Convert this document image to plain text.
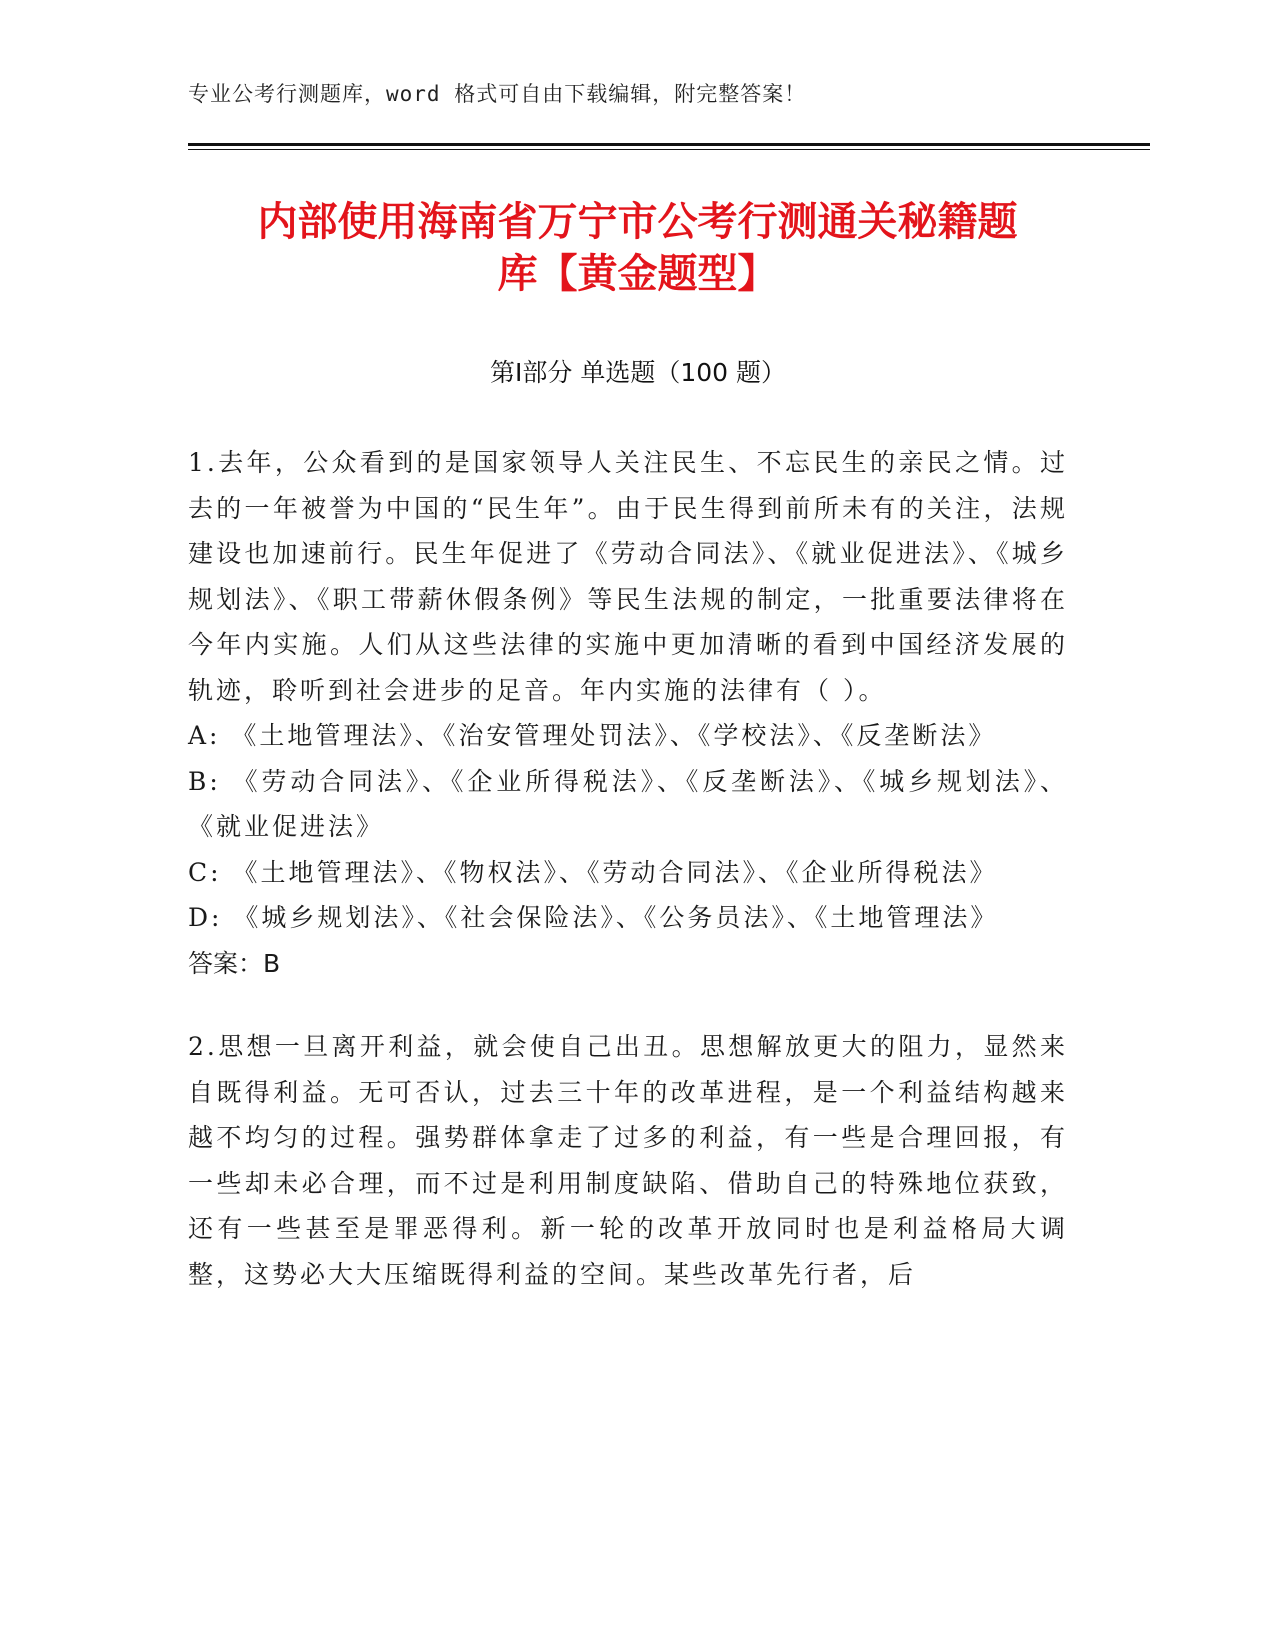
专业公考行测题库，word 格式可自由下载编辑，附完整答案！
内部使用海南省万宁市公考行测通关秘籍题
库【黄金题型】
第Ⅰ部分 单选题（100 题）

1.去年，公众看到的是国家领导人关注民生、不忘民生的亲民之情。过去的一年被誉为中国的“民生年”。由于民生得到前所未有的关注，法规建设也加速前行。民生年促进了《劳动合同法》、《就业促进法》、《城乡规划法》、《职工带薪休假条例》等民生法规的制定，一批重要法律将在今年内实施。人们从这些法律的实施中更加清晰的看到中国经济发展的轨迹，聆听到社会进步的足音。年内实施的法律有（ ）。

A: 《土地管理法》、《治安管理处罚法》、《学校法》、《反垄断法》

B: 《劳动合同法》、《企业所得税法》、《反垄断法》、《城乡规划法》、《就业促进法》

C: 《土地管理法》、《物权法》、《劳动合同法》、《企业所得税法》

D: 《城乡规划法》、《社会保险法》、《公务员法》、《土地管理法》

答案：B

2.思想一旦离开利益，就会使自己出丑。思想解放更大的阻力，显然来自既得利益。无可否认，过去三十年的改革进程，是一个利益结构越来越不均匀的过程。强势群体拿走了过多的利益，有一些是合理回报，有一些却未必合理，而不过是利用制度缺陷、借助自己的特殊地位获致，还有一些甚至是罪恶得利。新一轮的改革开放同时也是利益格局大调整，这势必大大压缩既得利益的空间。某些改革先行者，后
